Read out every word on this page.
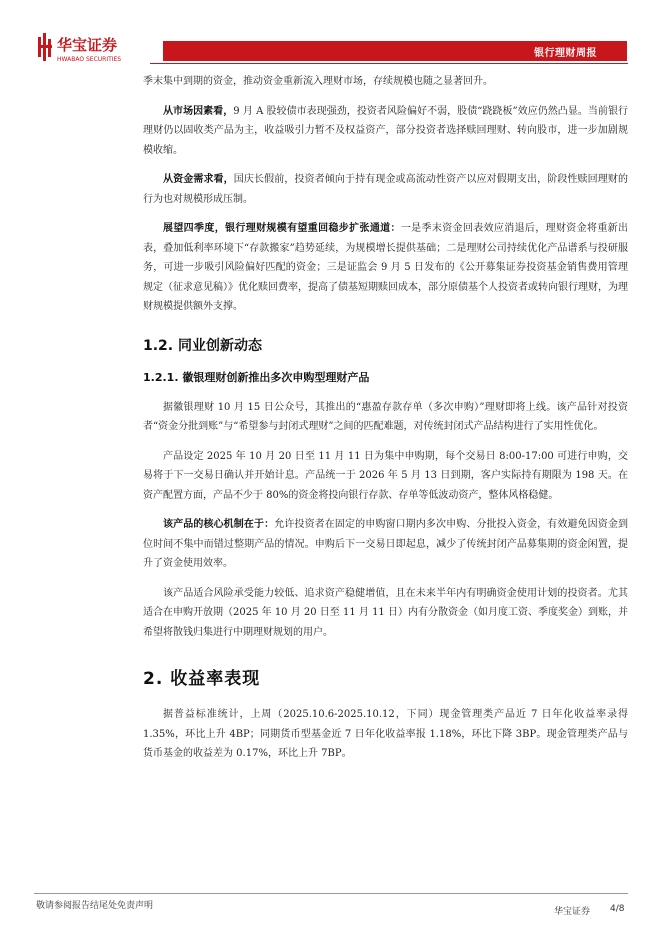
华宝证券
HWABAO SECURITIES
银行理财周报

季末集中到期的资金，推动资金重新流入理财市场，存续规模也随之显著回升。

从市场因素看，9 月 A 股较债市表现强劲，投资者风险偏好不弱，股债“跷跷板”效应仍然凸显。当前银行理财仍以固收类产品为主，收益吸引力暂不及权益资产，部分投资者选择赎回理财、转向股市，进一步加剧规模收缩。

从资金需求看，国庆长假前，投资者倾向于持有现金或高流动性资产以应对假期支出，阶段性赎回理财的行为也对规模形成压制。

展望四季度，银行理财规模有望重回稳步扩张通道：一是季末资金回表效应消退后，理财资金将重新出表，叠加低利率环境下“存款搬家”趋势延续，为规模增长提供基础；二是理财公司持续优化产品谱系与投研服务，可进一步吸引风险偏好匹配的资金；三是证监会 9 月 5 日发布的《公开募集证券投资基金销售费用管理规定（征求意见稿）》优化赎回费率，提高了债基短期赎回成本，部分原债基个人投资者或转向银行理财，为理财规模提供额外支撑。

1.2. 同业创新动态
1.2.1. 徽银理财创新推出多次申购型理财产品

据徽银理财 10 月 15 日公众号，其推出的“惠盈存款存单（多次申购）”理财即将上线。该产品针对投资者“资金分批到账”与“希望参与封闭式理财”之间的匹配难题，对传统封闭式产品结构进行了实用性优化。

产品设定 2025 年 10 月 20 日至 11 月 11 日为集中申购期，每个交易日 8:00-17:00 可进行申购，交易将于下一交易日确认并开始计息。产品统一于 2026 年 5 月 13 日到期，客户实际持有期限为 198 天。在资产配置方面，产品不少于 80%的资金将投向银行存款、存单等低波动资产，整体风格稳健。

该产品的核心机制在于：允许投资者在固定的申购窗口期内多次申购、分批投入资金，有效避免因资金到位时间不集中而错过整期产品的情况。申购后下一交易日即起息，减少了传统封闭产品募集期的资金闲置，提升了资金使用效率。

该产品适合风险承受能力较低、追求资产稳健增值，且在未来半年内有明确资金使用计划的投资者。尤其适合在申购开放期（2025 年 10 月 20 日至 11 月 11 日）内有分散资金（如月度工资、季度奖金）到账，并希望将散钱归集进行中期理财规划的用户。

2. 收益率表现

据普益标准统计，上周（2025.10.6-2025.10.12，下同）现金管理类产品近 7 日年化收益率录得 1.35%，环比上升 4BP；同期货币型基金近 7 日年化收益率报 1.18%，环比下降 3BP。现金管理类产品与货币基金的收益差为 0.17%，环比上升 7BP。

敬请参阅报告结尾处免责声明
华宝证券 4/8
